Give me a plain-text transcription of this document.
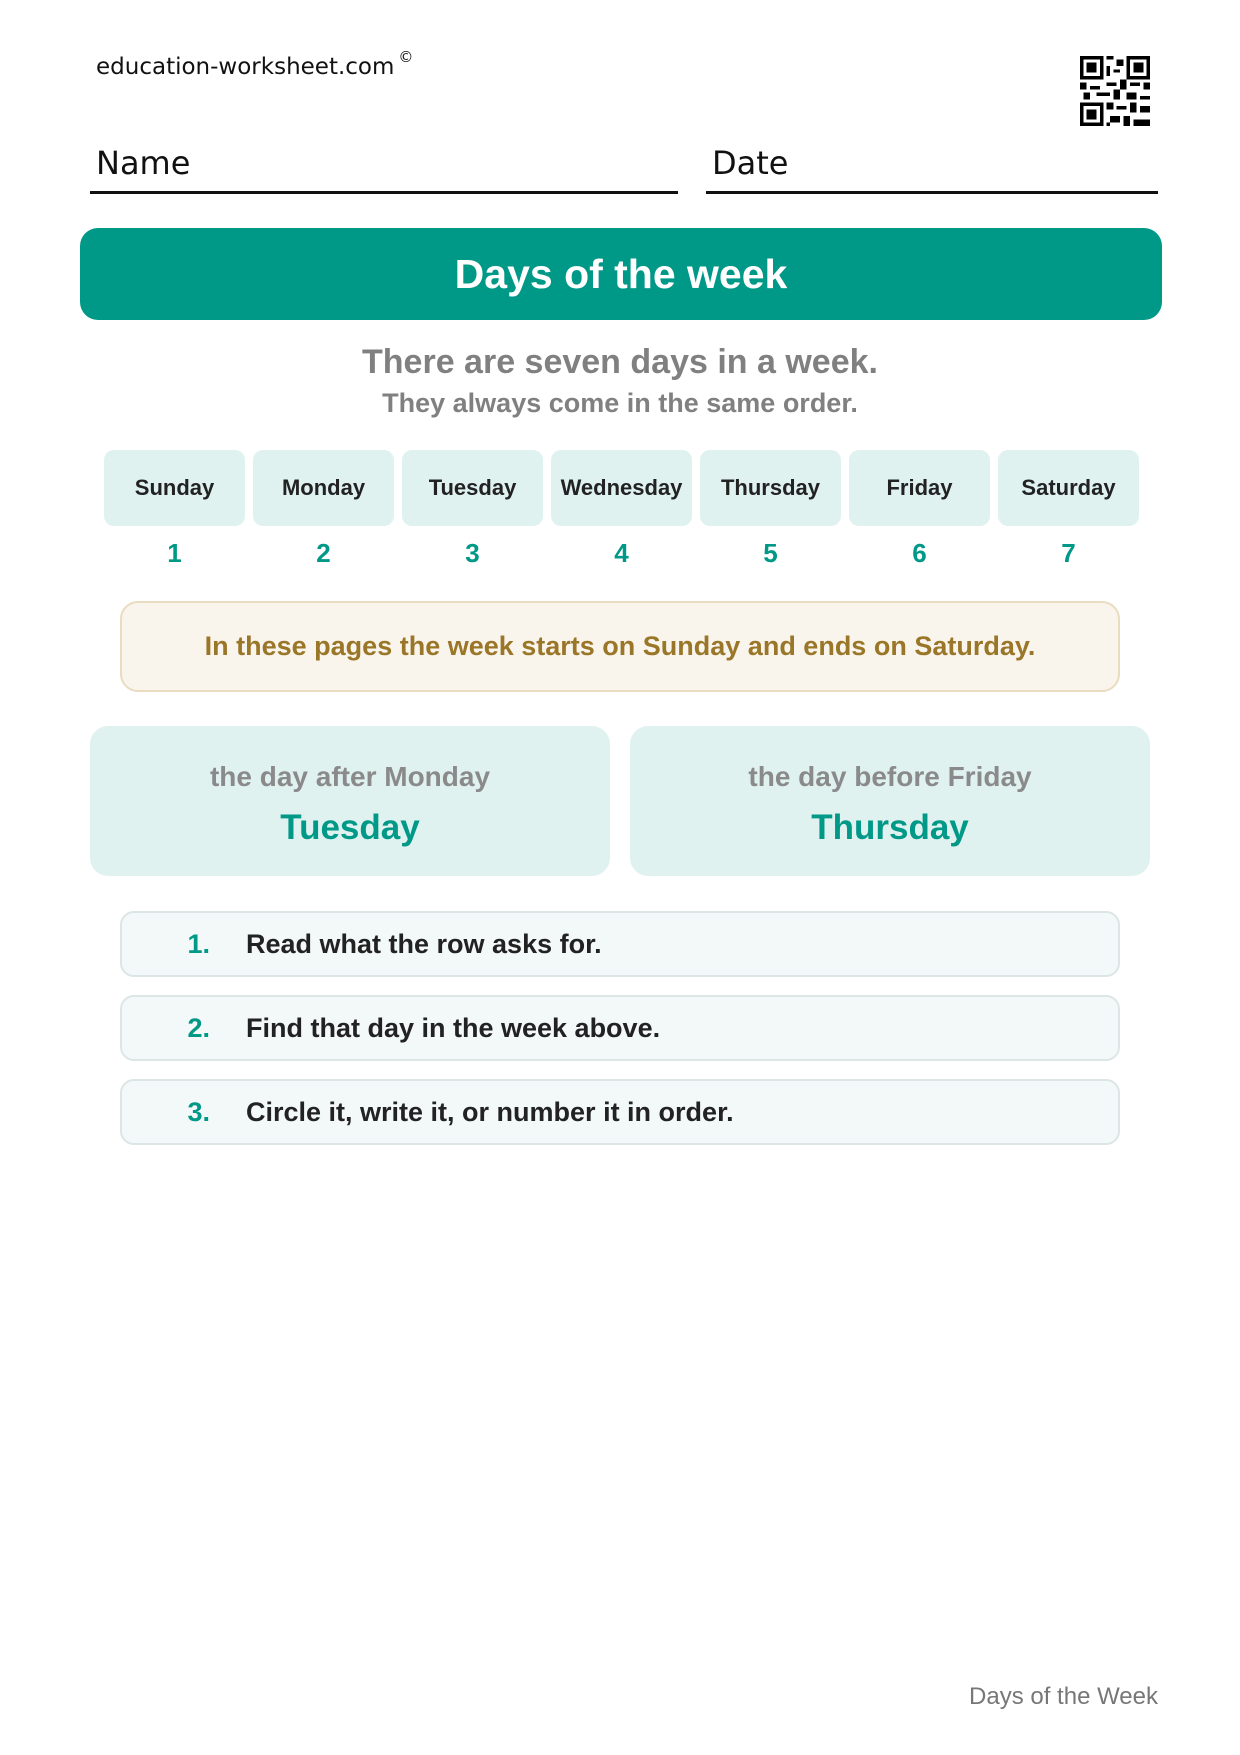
education-worksheet.com ©
Name	Date
Days of the week
There are seven days in a week.
They always come in the same order.
Sunday	Monday	Tuesday	Wednesday	Thursday	Friday	Saturday
1	2	3	4	5	6	7
In these pages the week starts on Sunday and ends on Saturday.
the day after Monday
Tuesday
the day before Friday
Thursday
1. Read what the row asks for.
2. Find that day in the week above.
3. Circle it, write it, or number it in order.
Days of the Week
